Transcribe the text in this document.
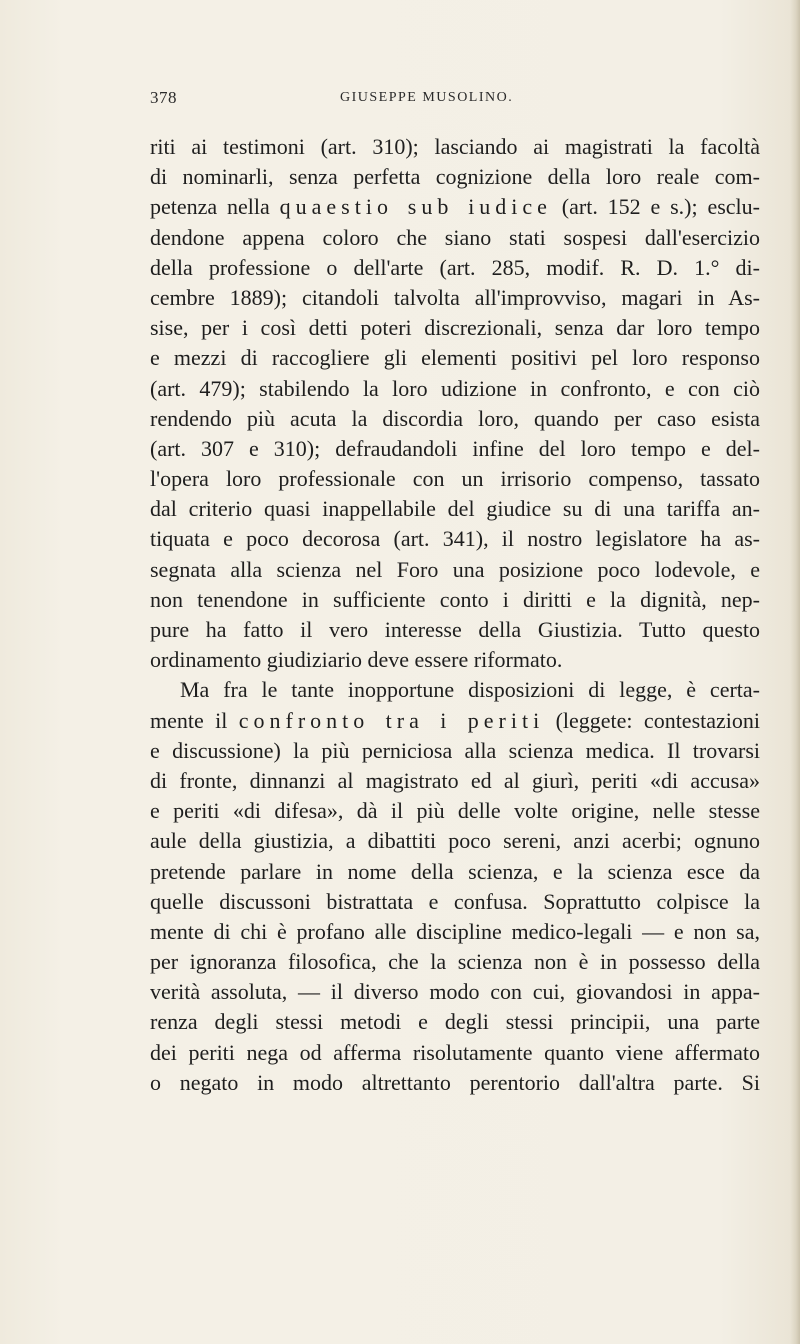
378	GIUSEPPE MUSOLINO.
riti ai testimoni (art. 310); lasciando ai magistrati la facoltà
di nominarli, senza perfetta cognizione della loro reale com-
petenza nella quaestio sub iudice (art. 152 e s.); esclu-
dendone appena coloro che siano stati sospesi dall'esercizio
della professione o dell'arte (art. 285, modif. R. D. 1.° di-
cembre 1889); citandoli talvolta all'improvviso, magari in As-
sise, per i così detti poteri discrezionali, senza dar loro tempo
e mezzi di raccogliere gli elementi positivi pel loro responso
(art. 479); stabilendo la loro udizione in confronto, e con ciò
rendendo più acuta la discordia loro, quando per caso esista
(art. 307 e 310); defraudandoli infine del loro tempo e del-
l'opera loro professionale con un irrisorio compenso, tassato
dal criterio quasi inappellabile del giudice su di una tariffa an-
tiquata e poco decorosa (art. 341), il nostro legislatore ha as-
segnata alla scienza nel Foro una posizione poco lodevole, e
non tenendone in sufficiente conto i diritti e la dignità, nep-
pure ha fatto il vero interesse della Giustizia. Tutto questo
ordinamento giudiziario deve essere riformato.
Ma fra le tante inopportune disposizioni di legge, è certa-
mente il confronto tra i periti (leggete: contestazioni
e discussione) la più perniciosa alla scienza medica. Il trovarsi
di fronte, dinnanzi al magistrato ed al giurì, periti «di accusa»
e periti «di difesa», dà il più delle volte origine, nelle stesse
aule della giustizia, a dibattiti poco sereni, anzi acerbi; ognuno
pretende parlare in nome della scienza, e la scienza esce da
quelle discussoni bistrattata e confusa. Soprattutto colpisce la
mente di chi è profano alle discipline medico-legali — e non sa,
per ignoranza filosofica, che la scienza non è in possesso della
verità assoluta, — il diverso modo con cui, giovandosi in appa-
renza degli stessi metodi e degli stessi principii, una parte
dei periti nega od afferma risolutamente quanto viene affermato
o negato in modo altrettanto perentorio dall'altra parte. Si
